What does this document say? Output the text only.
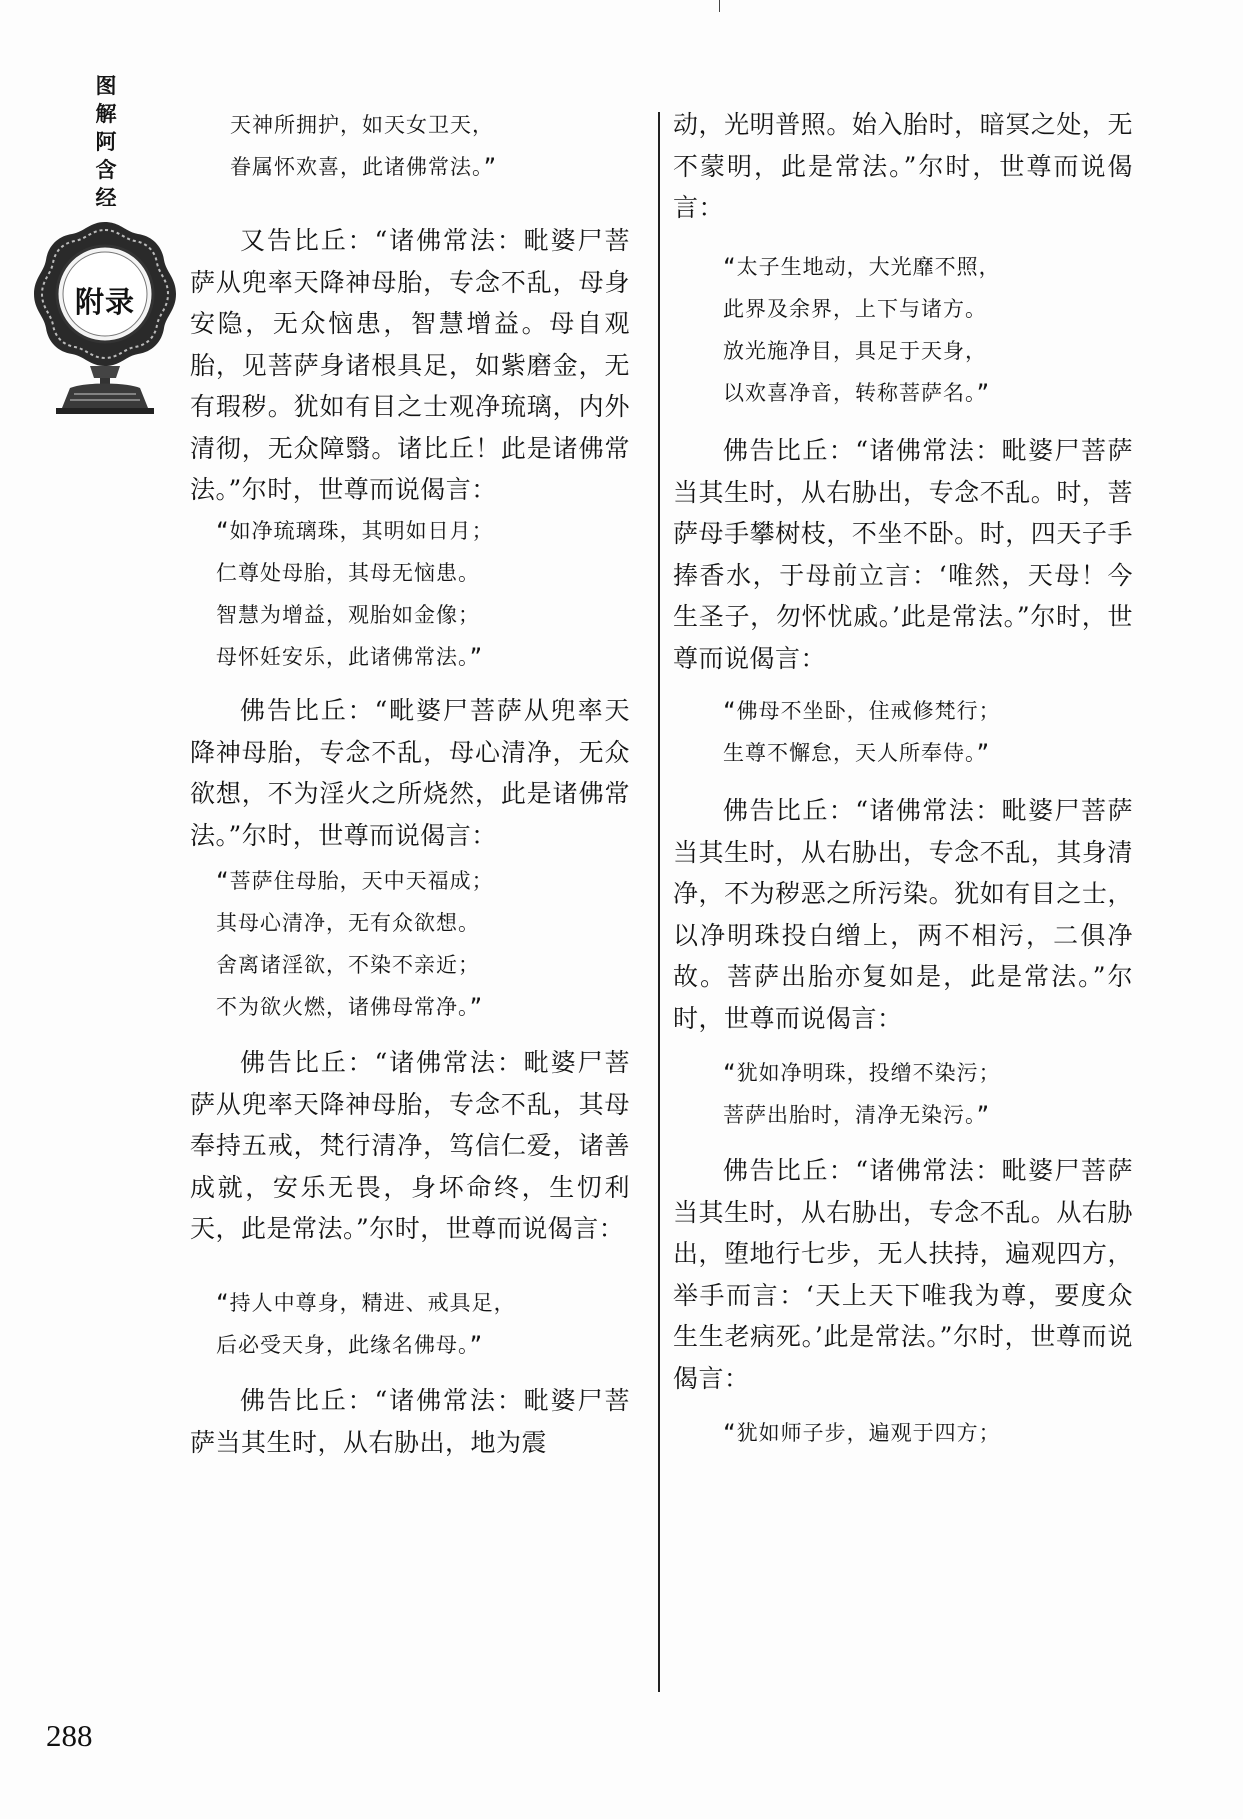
图解阿含经
附录
天神所拥护，如天女卫天，
眷属怀欢喜，此诸佛常法。”

又告比丘：“诸佛常法：毗婆尸菩萨从兜率天降神母胎，专念不乱，母身安隐，无众恼患，智慧增益。母自观胎，见菩萨身诸根具足，如紫磨金，无有瑕秽。犹如有目之士观净琉璃，内外清彻，无众障翳。诸比丘！此是诸佛常法。”尔时，世尊而说偈言：

“如净琉璃珠，其明如日月；
仁尊处母胎，其母无恼患。
智慧为增益，观胎如金像；
母怀妊安乐，此诸佛常法。”

佛告比丘：“毗婆尸菩萨从兜率天降神母胎，专念不乱，母心清净，无众欲想，不为淫火之所烧然，此是诸佛常法。”尔时，世尊而说偈言：

“菩萨住母胎，天中天福成；
其母心清净，无有众欲想。
舍离诸淫欲，不染不亲近；
不为欲火燃，诸佛母常净。”

佛告比丘：“诸佛常法：毗婆尸菩萨从兜率天降神母胎，专念不乱，其母奉持五戒，梵行清净，笃信仁爱，诸善成就，安乐无畏，身坏命终，生忉利天，此是常法。”尔时，世尊而说偈言：

“持人中尊身，精进、戒具足，
后必受天身，此缘名佛母。”

佛告比丘：“诸佛常法：毗婆尸菩萨当其生时，从右胁出，地为震

动，光明普照。始入胎时，暗冥之处，无不蒙明，此是常法。”尔时，世尊而说偈言：

“太子生地动，大光靡不照，
此界及余界，上下与诸方。
放光施净目，具足于天身，
以欢喜净音，转称菩萨名。”

佛告比丘：“诸佛常法：毗婆尸菩萨当其生时，从右胁出，专念不乱。时，菩萨母手攀树枝，不坐不卧。时，四天子手捧香水，于母前立言：‘唯然，天母！今生圣子，勿怀忧戚。’此是常法。”尔时，世尊而说偈言：

“佛母不坐卧，住戒修梵行；
生尊不懈怠，天人所奉侍。”

佛告比丘：“诸佛常法：毗婆尸菩萨当其生时，从右胁出，专念不乱，其身清净，不为秽恶之所污染。犹如有目之士，以净明珠投白缯上，两不相污，二俱净故。菩萨出胎亦复如是，此是常法。”尔时，世尊而说偈言：

“犹如净明珠，投缯不染污；
菩萨出胎时，清净无染污。”

佛告比丘：“诸佛常法：毗婆尸菩萨当其生时，从右胁出，专念不乱。从右胁出，堕地行七步，无人扶持，遍观四方，举手而言：‘天上天下唯我为尊，要度众生生老病死。’此是常法。”尔时，世尊而说偈言：

“犹如师子步，遍观于四方；
288
